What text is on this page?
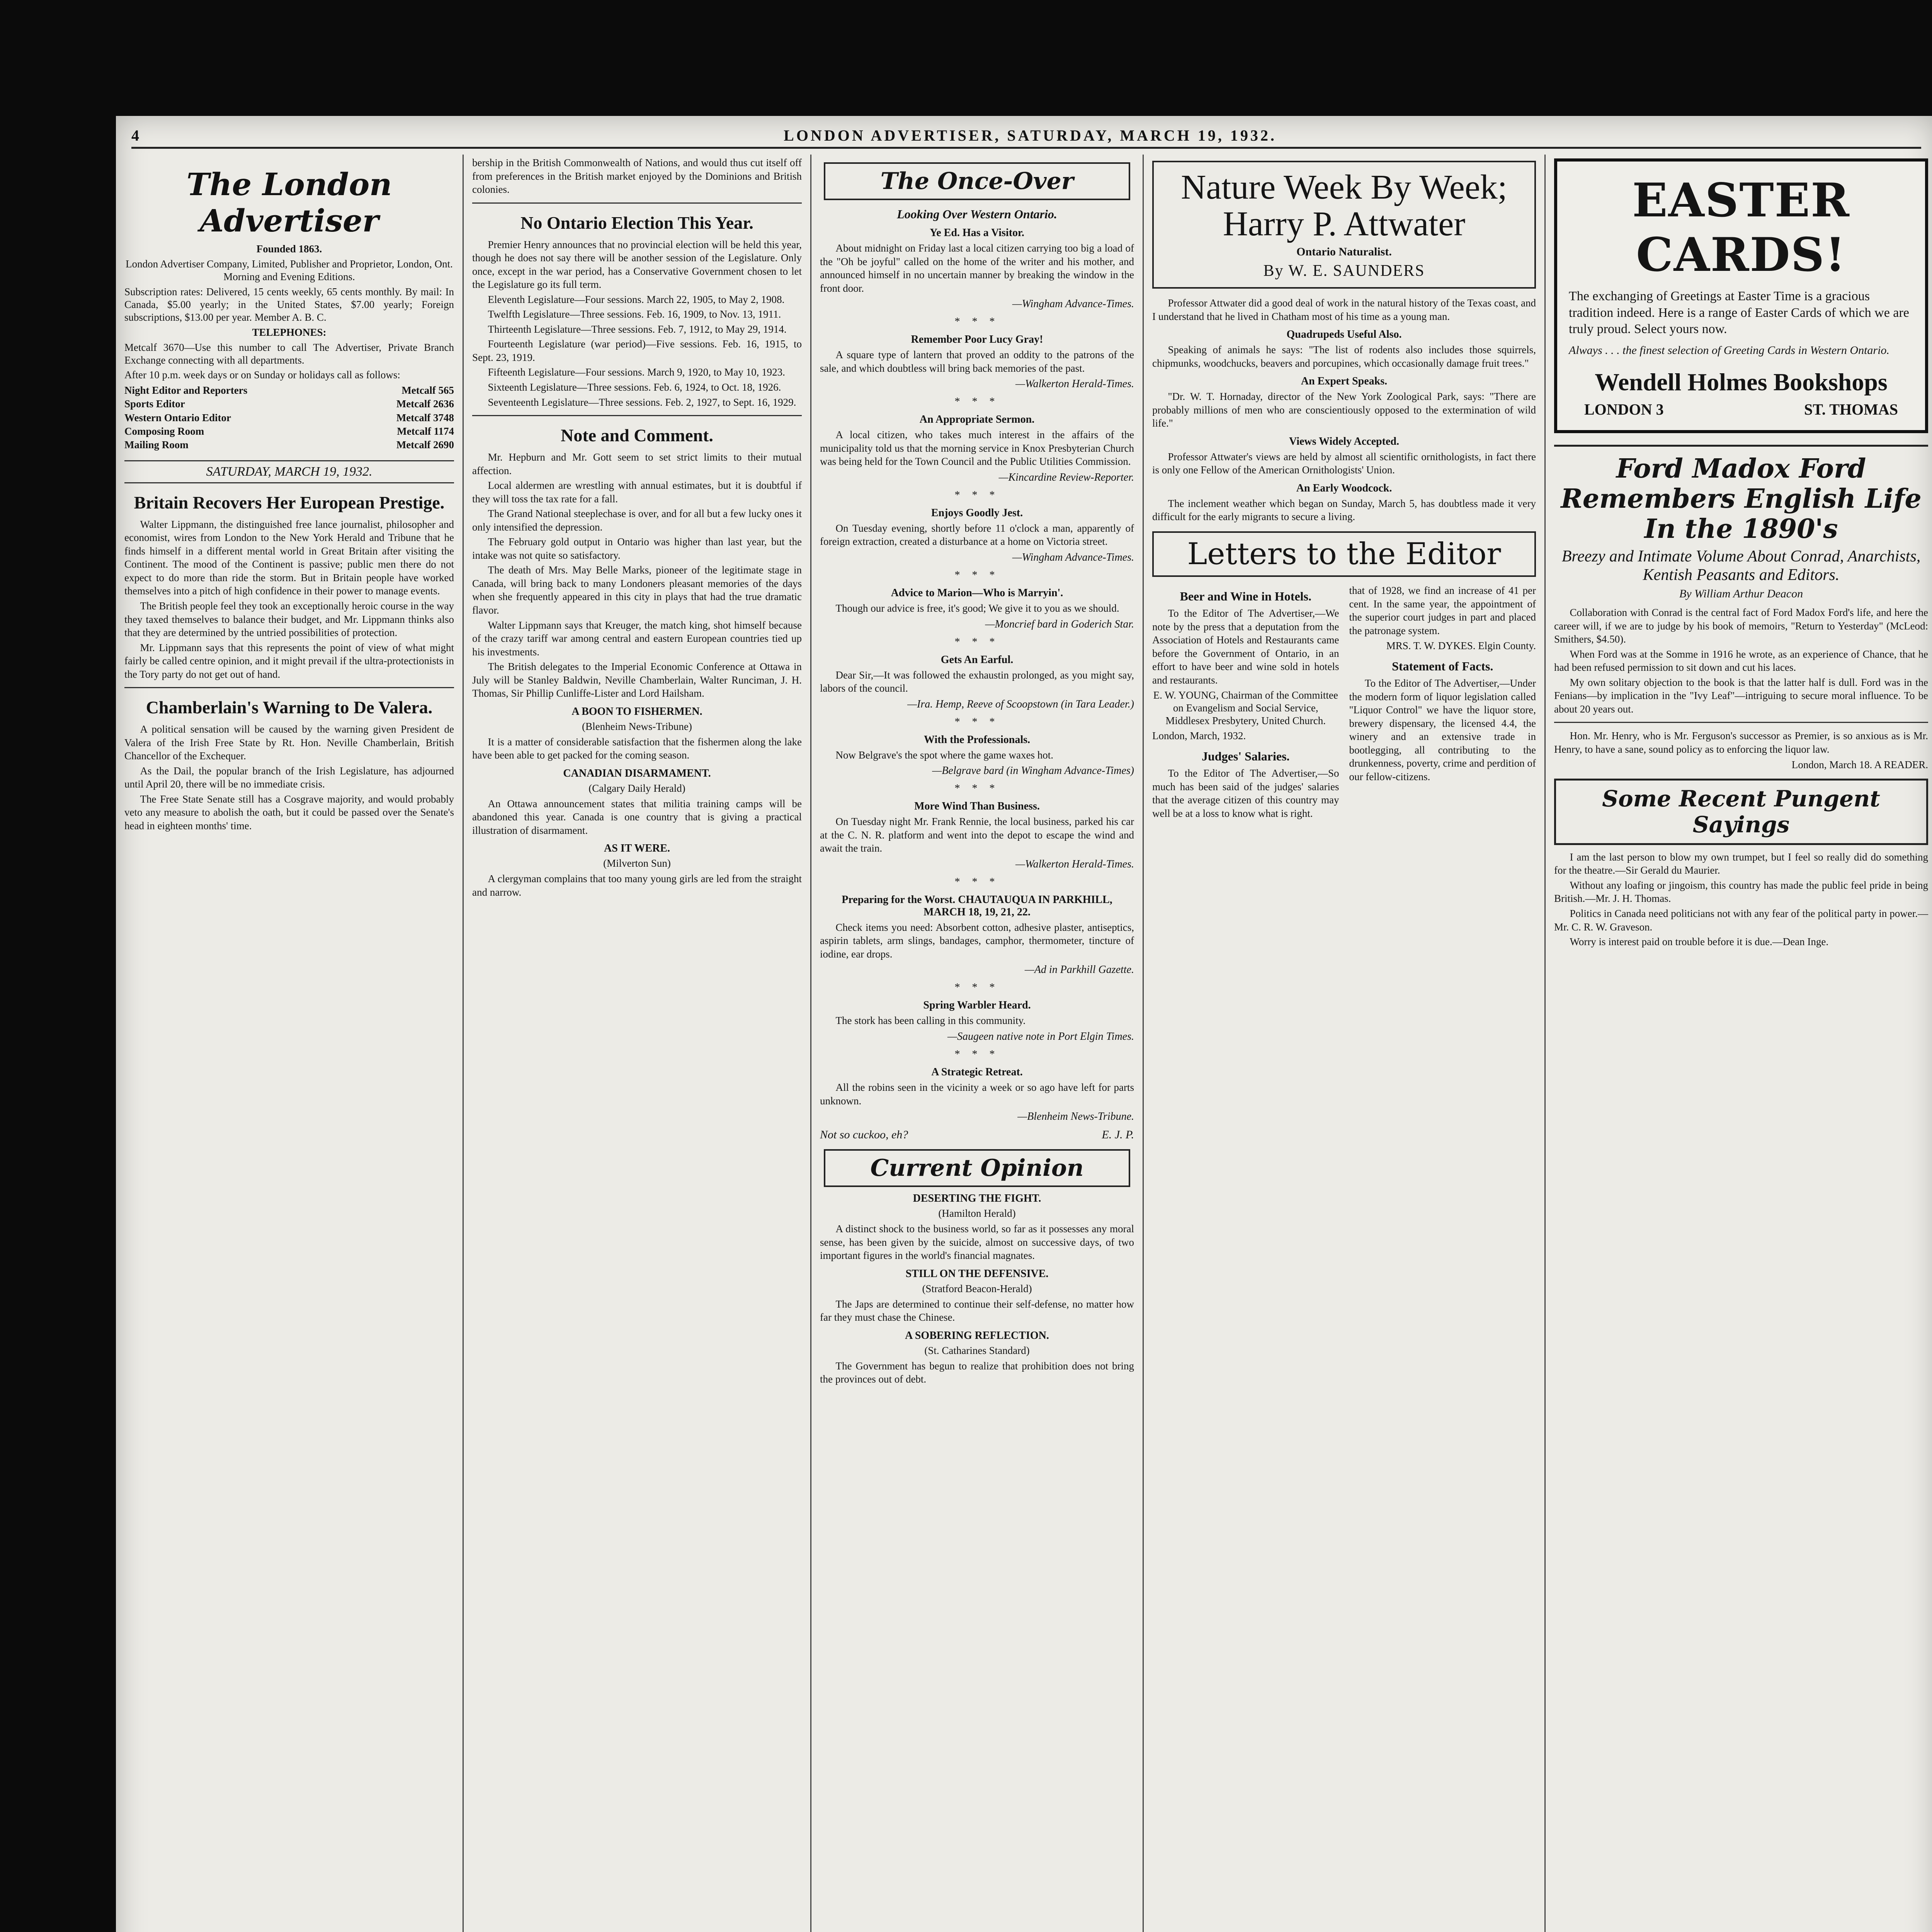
4	LONDON ADVERTISER, SATURDAY, MARCH 19, 1932.
The London Advertiser
Founded 1863.
London Advertiser Company, Limited, Publisher and Proprietor, London, Ont. Morning and Evening Editions.
Subscription rates: Delivered, 15 cents weekly, 65 cents monthly. By mail: In Canada, $5.00 yearly; in the United States, $7.00 yearly; Foreign subscriptions, $13.00 per year. Member A. B. C.
TELEPHONES:
Metcalf 3670—Use this number to call The Advertiser, Private Branch Exchange connecting with all departments.
After 10 p.m. week days or on Sunday or holidays call as follows:
Night Editor and Reporters	Metcalf 565
Sports Editor	Metcalf 2636
Western Ontario Editor	Metcalf 3748
Composing Room	Metcalf 1174
Mailing Room	Metcalf 2690
SATURDAY, MARCH 19, 1932.
Britain Recovers Her European Prestige.

Walter Lippmann, the distinguished free lance journalist, philosopher and economist, wires from London to the New York Herald and Tribune that he finds himself in a different mental world in Great Britain after visiting the Continent. The mood of the Continent is passive; public men there do not expect to do more than ride the storm. But in Britain people have worked themselves into a pitch of high confidence in their power to manage events.

The British people feel they took an exceptionally heroic course in the way they taxed themselves to balance their budget, and Mr. Lippmann thinks also that they are determined by the untried possibilities of protection.

Mr. Lippmann says that this represents the point of view of what might fairly be called centre opinion, and it might prevail if the ultra-protectionists in the Tory party do not get out of hand.

Chamberlain's Warning to De Valera.

A political sensation will be caused by the warning given President de Valera of the Irish Free State by Rt. Hon. Neville Chamberlain, British Chancellor of the Exchequer.

As the Dail, the popular branch of the Irish Legislature, has adjourned until April 20, there will be no immediate crisis.

The Free State Senate still has a Cosgrave majority, and would probably veto any measure to abolish the oath, but it could be passed over the Senate's head in eighteen months' time.

bership in the British Commonwealth of Nations, and would thus cut itself off from preferences in the British market enjoyed by the Dominions and British colonies.

No Ontario Election This Year.

Premier Henry announces that no provincial election will be held this year, though he does not say there will be another session of the Legislature. Only once, except in the war period, has a Conservative Government chosen to let the Legislature go its full term.

Eleventh Legislature—Four sessions. March 22, 1905, to May 2, 1908.

Twelfth Legislature—Three sessions. Feb. 16, 1909, to Nov. 13, 1911.

Thirteenth Legislature—Three sessions. Feb. 7, 1912, to May 29, 1914.

Fourteenth Legislature (war period)—Five sessions. Feb. 16, 1915, to Sept. 23, 1919.

Fifteenth Legislature—Four sessions. March 9, 1920, to May 10, 1923.

Sixteenth Legislature—Three sessions. Feb. 6, 1924, to Oct. 18, 1926.

Seventeenth Legislature—Three sessions. Feb. 2, 1927, to Sept. 16, 1929.

Note and Comment.

Mr. Hepburn and Mr. Gott seem to set strict limits to their mutual affection.

Local aldermen are wrestling with annual estimates, but it is doubtful if they will toss the tax rate for a fall.

The Grand National steeplechase is over, and for all but a few lucky ones it only intensified the depression.

The February gold output in Ontario was higher than last year, but the intake was not quite so satisfactory.

The death of Mrs. May Belle Marks, pioneer of the legitimate stage in Canada, will bring back to many Londoners pleasant memories of the days when she frequently appeared in this city in plays that had the true dramatic flavor.

Walter Lippmann says that Kreuger, the match king, shot himself because of the crazy tariff war among central and eastern European countries tied up his investments.

The British delegates to the Imperial Economic Conference at Ottawa in July will be Stanley Baldwin, Neville Chamberlain, Walter Runciman, J. H. Thomas, Sir Phillip Cunliffe-Lister and Lord Hailsham.

A BOON TO FISHERMEN.
(Blenheim News-Tribune)

It is a matter of considerable satisfaction that the fishermen along the lake have been able to get packed for the coming season.

CANADIAN DISARMAMENT.
(Calgary Daily Herald)

An Ottawa announcement states that militia training camps will be abandoned this year. Canada is one country that is giving a practical illustration of disarmament.

AS IT WERE.
(Milverton Sun)

A clergyman complains that too many young girls are led from the straight and narrow.

The Once-Over
Looking Over Western Ontario.
Ye Ed. Has a Visitor.

About midnight on Friday last a local citizen carrying too big a load of the "Oh be joyful" called on the home of the writer and his mother, and announced himself in no uncertain manner by breaking the window in the front door.

—Wingham Advance-Times.
* * *
Remember Poor Lucy Gray!

A square type of lantern that proved an oddity to the patrons of the sale, and which doubtless will bring back memories of the past.

—Walkerton Herald-Times.
* * *
An Appropriate Sermon.

A local citizen, who takes much interest in the affairs of the municipality told us that the morning service in Knox Presbyterian Church was being held for the Town Council and the Public Utilities Commission.

—Kincardine Review-Reporter.
* * *
Enjoys Goodly Jest.

On Tuesday evening, shortly before 11 o'clock a man, apparently of foreign extraction, created a disturbance at a home on Victoria street.

—Wingham Advance-Times.
* * *
Advice to Marion—Who is Marryin'.

Though our advice is free, it's good; We give it to you as we should.

—Moncrief bard in Goderich Star.
* * *
Gets An Earful.

Dear Sir,—It was followed the exhaustin prolonged, as you might say, labors of the council.

—Ira. Hemp, Reeve of Scoopstown (in Tara Leader.)
* * *
With the Professionals.

Now Belgrave's the spot where the game waxes hot.

—Belgrave bard (in Wingham Advance-Times)
* * *
More Wind Than Business.

On Tuesday night Mr. Frank Rennie, the local business, parked his car at the C. N. R. platform and went into the depot to escape the wind and await the train.

—Walkerton Herald-Times.
* * *
Preparing for the Worst. CHAUTAUQUA IN PARKHILL, MARCH 18, 19, 21, 22.

Check items you need: Absorbent cotton, adhesive plaster, antiseptics, aspirin tablets, arm slings, bandages, camphor, thermometer, tincture of iodine, ear drops.

—Ad in Parkhill Gazette.
* * *
Spring Warbler Heard.

The stork has been calling in this community.

—Saugeen native note in Port Elgin Times.
* * *
A Strategic Retreat.

All the robins seen in the vicinity a week or so ago have left for parts unknown.

—Blenheim News-Tribune.
Not so cuckoo, eh?	E. J. P.
Current Opinion
DESERTING THE FIGHT.
(Hamilton Herald)

A distinct shock to the business world, so far as it possesses any moral sense, has been given by the suicide, almost on successive days, of two important figures in the world's financial magnates.

STILL ON THE DEFENSIVE.
(Stratford Beacon-Herald)

The Japs are determined to continue their self-defense, no matter how far they must chase the Chinese.

A SOBERING REFLECTION.
(St. Catharines Standard)

The Government has begun to realize that prohibition does not bring the provinces out of debt.

Nature Week By Week; Harry P. Attwater
Ontario Naturalist.
By W. E. SAUNDERS

Professor Attwater did a good deal of work in the natural history of the Texas coast, and I understand that he lived in Chatham most of his time as a young man.

Quadrupeds Useful Also.

Speaking of animals he says: "The list of rodents also includes those squirrels, chipmunks, woodchucks, beavers and porcupines, which occasionally damage fruit trees."

An Expert Speaks.

"Dr. W. T. Hornaday, director of the New York Zoological Park, says: "There are probably millions of men who are conscientiously opposed to the extermination of wild life."

Views Widely Accepted.

Professor Attwater's views are held by almost all scientific ornithologists, in fact there is only one Fellow of the American Ornithologists' Union.

An Early Woodcock.

The inclement weather which began on Sunday, March 5, has doubtless made it very difficult for the early migrants to secure a living.

Letters to the Editor
Beer and Wine in Hotels.

To the Editor of The Advertiser,—We note by the press that a deputation from the Association of Hotels and Restaurants came before the Government of Ontario, in an effort to have beer and wine sold in hotels and restaurants.

E. W. YOUNG, Chairman of the Committee on Evangelism and Social Service, Middlesex Presbytery, United Church.

London, March, 1932.

Judges' Salaries.

To the Editor of The Advertiser,—So much has been said of the judges' salaries that the average citizen of this country may well be at a loss to know what is right.

that of 1928, we find an increase of 41 per cent. In the same year, the appointment of the superior court judges in part and placed the patronage system.

MRS. T. W. DYKES. Elgin County.

Statement of Facts.

To the Editor of The Advertiser,—Under the modern form of liquor legislation called "Liquor Control" we have the liquor store, brewery dispensary, the licensed 4.4, the winery and an extensive trade in bootlegging, all contributing to the drunkenness, poverty, crime and perdition of our fellow-citizens.

EASTER CARDS!
The exchanging of Greetings at Easter Time is a gracious tradition indeed. Here is a range of Easter Cards of which we are truly proud. Select yours now.
Always . . . the finest selection of Greeting Cards in Western Ontario.
Wendell Holmes Bookshops
LONDON 3	ST. THOMAS
Ford Madox Ford Remembers English Life In the 1890's
Breezy and Intimate Volume About Conrad, Anarchists, Kentish Peasants and Editors.
By William Arthur Deacon

Collaboration with Conrad is the central fact of Ford Madox Ford's life, and here the career will, if we are to judge by his book of memoirs, "Return to Yesterday" (McLeod: Smithers, $4.50).

When Ford was at the Somme in 1916 he wrote, as an experience of Chance, that he had been refused permission to sit down and cut his laces.

My own solitary objection to the book is that the latter half is dull. Ford was in the Fenians—by implication in the "Ivy Leaf"—intriguing to secure moral influence. To be about 20 years out.

Hon. Mr. Henry, who is Mr. Ferguson's successor as Premier, is so anxious as is Mr. Henry, to have a sane, sound policy as to enforcing the liquor law.

London, March 18. A READER.

Some Recent Pungent Sayings

I am the last person to blow my own trumpet, but I feel so really did do something for the theatre.—Sir Gerald du Maurier.

Without any loafing or jingoism, this country has made the public feel pride in being British.—Mr. J. H. Thomas.

Politics in Canada need politicians not with any fear of the political party in power.—Mr. C. R. W. Graveson.

Worry is interest paid on trouble before it is due.—Dean Inge.
